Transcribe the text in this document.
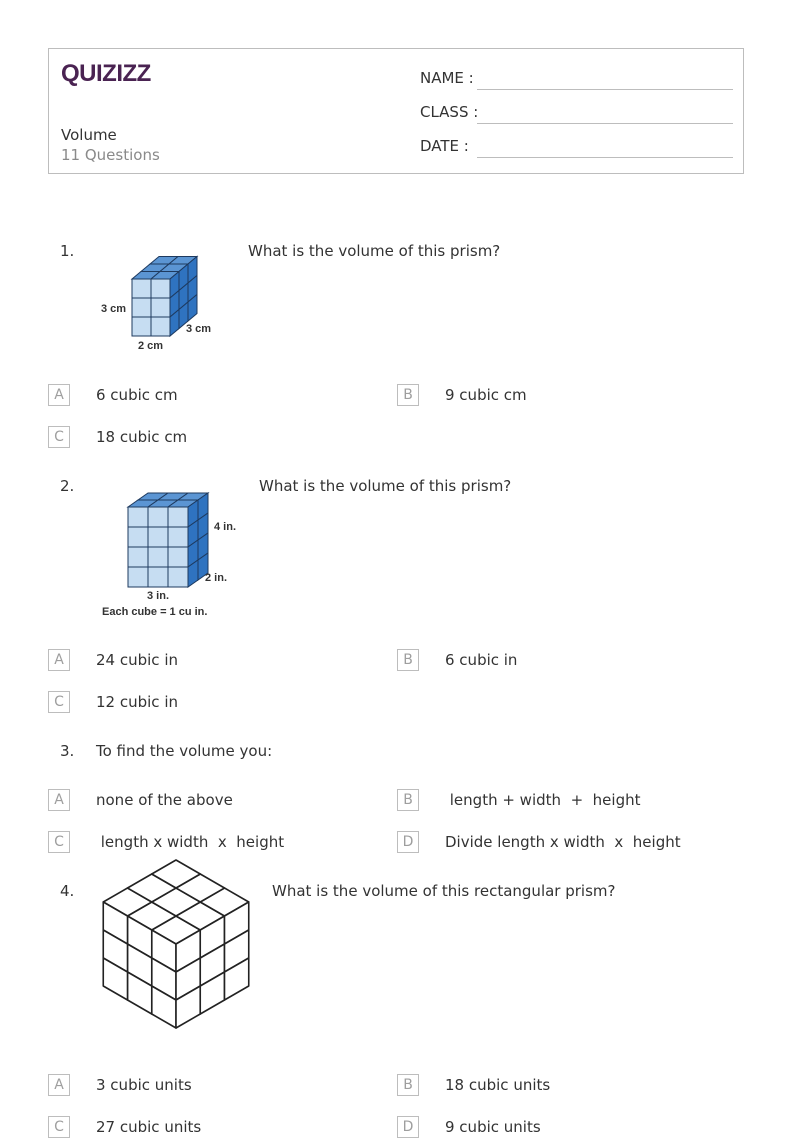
QUIZIZZ
Volume
11 Questions
NAME :
CLASS :
DATE :
1.
3 cm
3 cm
2 cm
What is the volume of this prism?
A	6 cubic cm	B	9 cubic cm
C	18 cubic cm
2.
4 in.
2 in.
3 in.
Each cube = 1 cu in.
What is the volume of this prism?
A	24 cubic in	B	6 cubic in
C	12 cubic in
3. To find the volume you:
A	none of the above	B	length + width  +  height
C	length x width  x  height	D	Divide length x width  x  height
4.	What is the volume of this rectangular prism?
A	3 cubic units	B	18 cubic units
C	27 cubic units	D	9 cubic units
